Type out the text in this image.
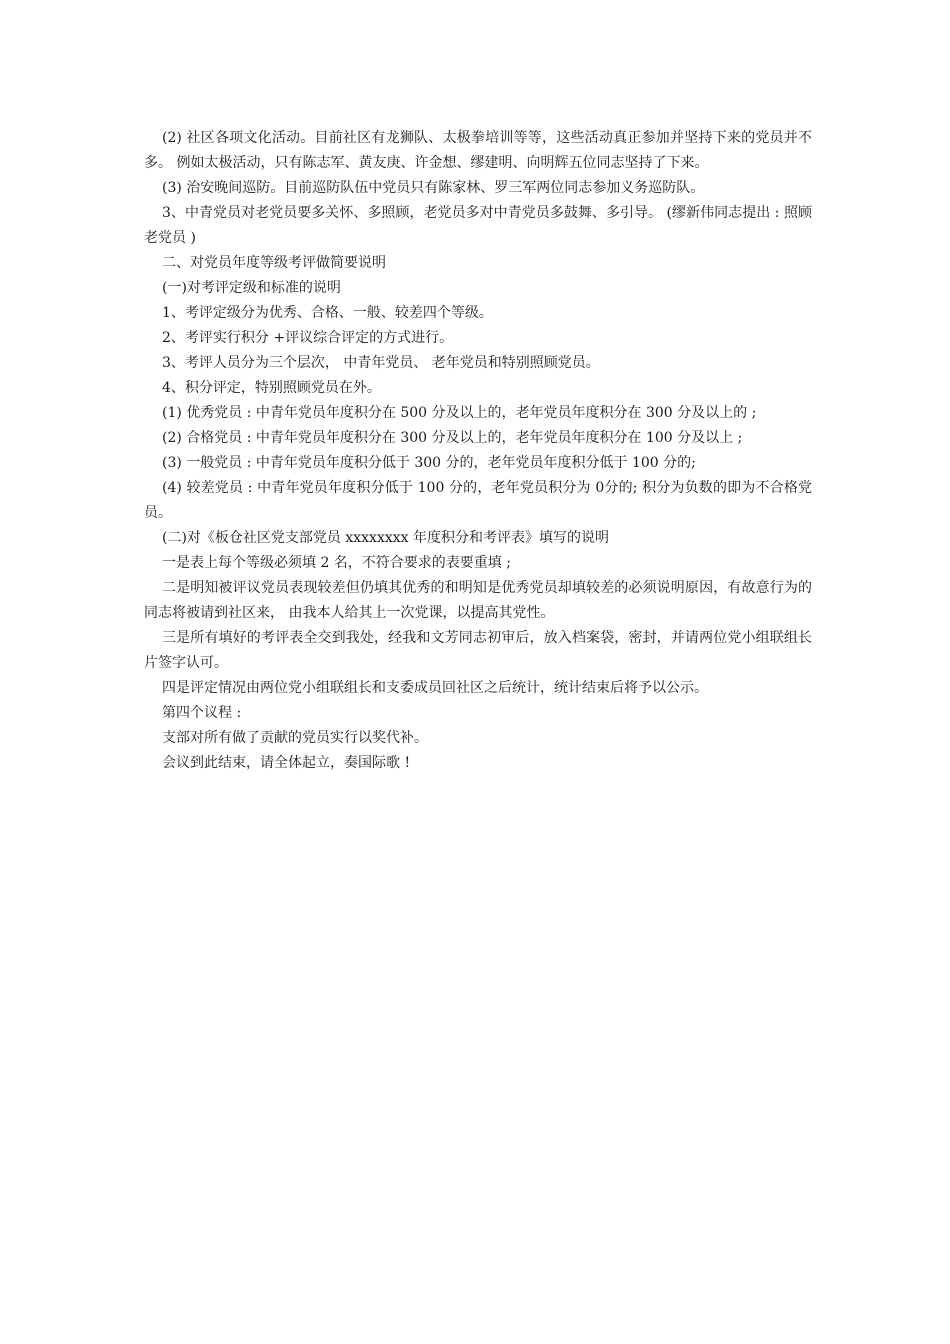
(2) 社区各项文化活动。目前社区有龙狮队、太极拳培训等等，这些活动真正参加并坚持下来的党员并不多。 例如太极活动，只有陈志军、黄友庚、许金想、缪建明、向明辉五位同志坚持了下来。

(3) 治安晚间巡防。目前巡防队伍中党员只有陈家林、罗三军两位同志参加义务巡防队。

3、中青党员对老党员要多关怀、多照顾，老党员多对中青党员多鼓舞、多引导。 (缪新伟同志提出 : 照顾老党员 )

二、对党员年度等级考评做简要说明

(一)对考评定级和标准的说明

1、考评定级分为优秀、合格、一般、较差四个等级。

2、考评实行积分 +评议综合评定的方式进行。

3、考评人员分为三个层次， 中青年党员、 老年党员和特别照顾党员。

4、积分评定，特别照顾党员在外。

(1) 优秀党员 : 中青年党员年度积分在 500 分及以上的，老年党员年度积分在 300 分及以上的 ;

(2) 合格党员 : 中青年党员年度积分在 300 分及以上的，老年党员年度积分在 100 分及以上 ;

(3) 一般党员 : 中青年党员年度积分低于 300 分的，老年党员年度积分低于 100 分的;

(4) 较差党员 : 中青年党员年度积分低于 100 分的，老年党员积分为 0分的; 积分为负数的即为不合格党员。

(二)对《板仓社区党支部党员 xxxxxxxx 年度积分和考评表》填写的说明

一是表上每个等级必须填 2 名，不符合要求的表要重填 ;

二是明知被评议党员表现较差但仍填其优秀的和明知是优秀党员却填较差的必须说明原因，有故意行为的同志将被请到社区来， 由我本人给其上一次党课，以提高其党性。

三是所有填好的考评表全交到我处，经我和文芳同志初审后，放入档案袋，密封，并请两位党小组联组长片签字认可。

四是评定情况由两位党小组联组长和支委成员回社区之后统计，统计结束后将予以公示。

第四个议程 :

支部对所有做了贡献的党员实行以奖代补。

会议到此结束，请全体起立，奏国际歌 !
